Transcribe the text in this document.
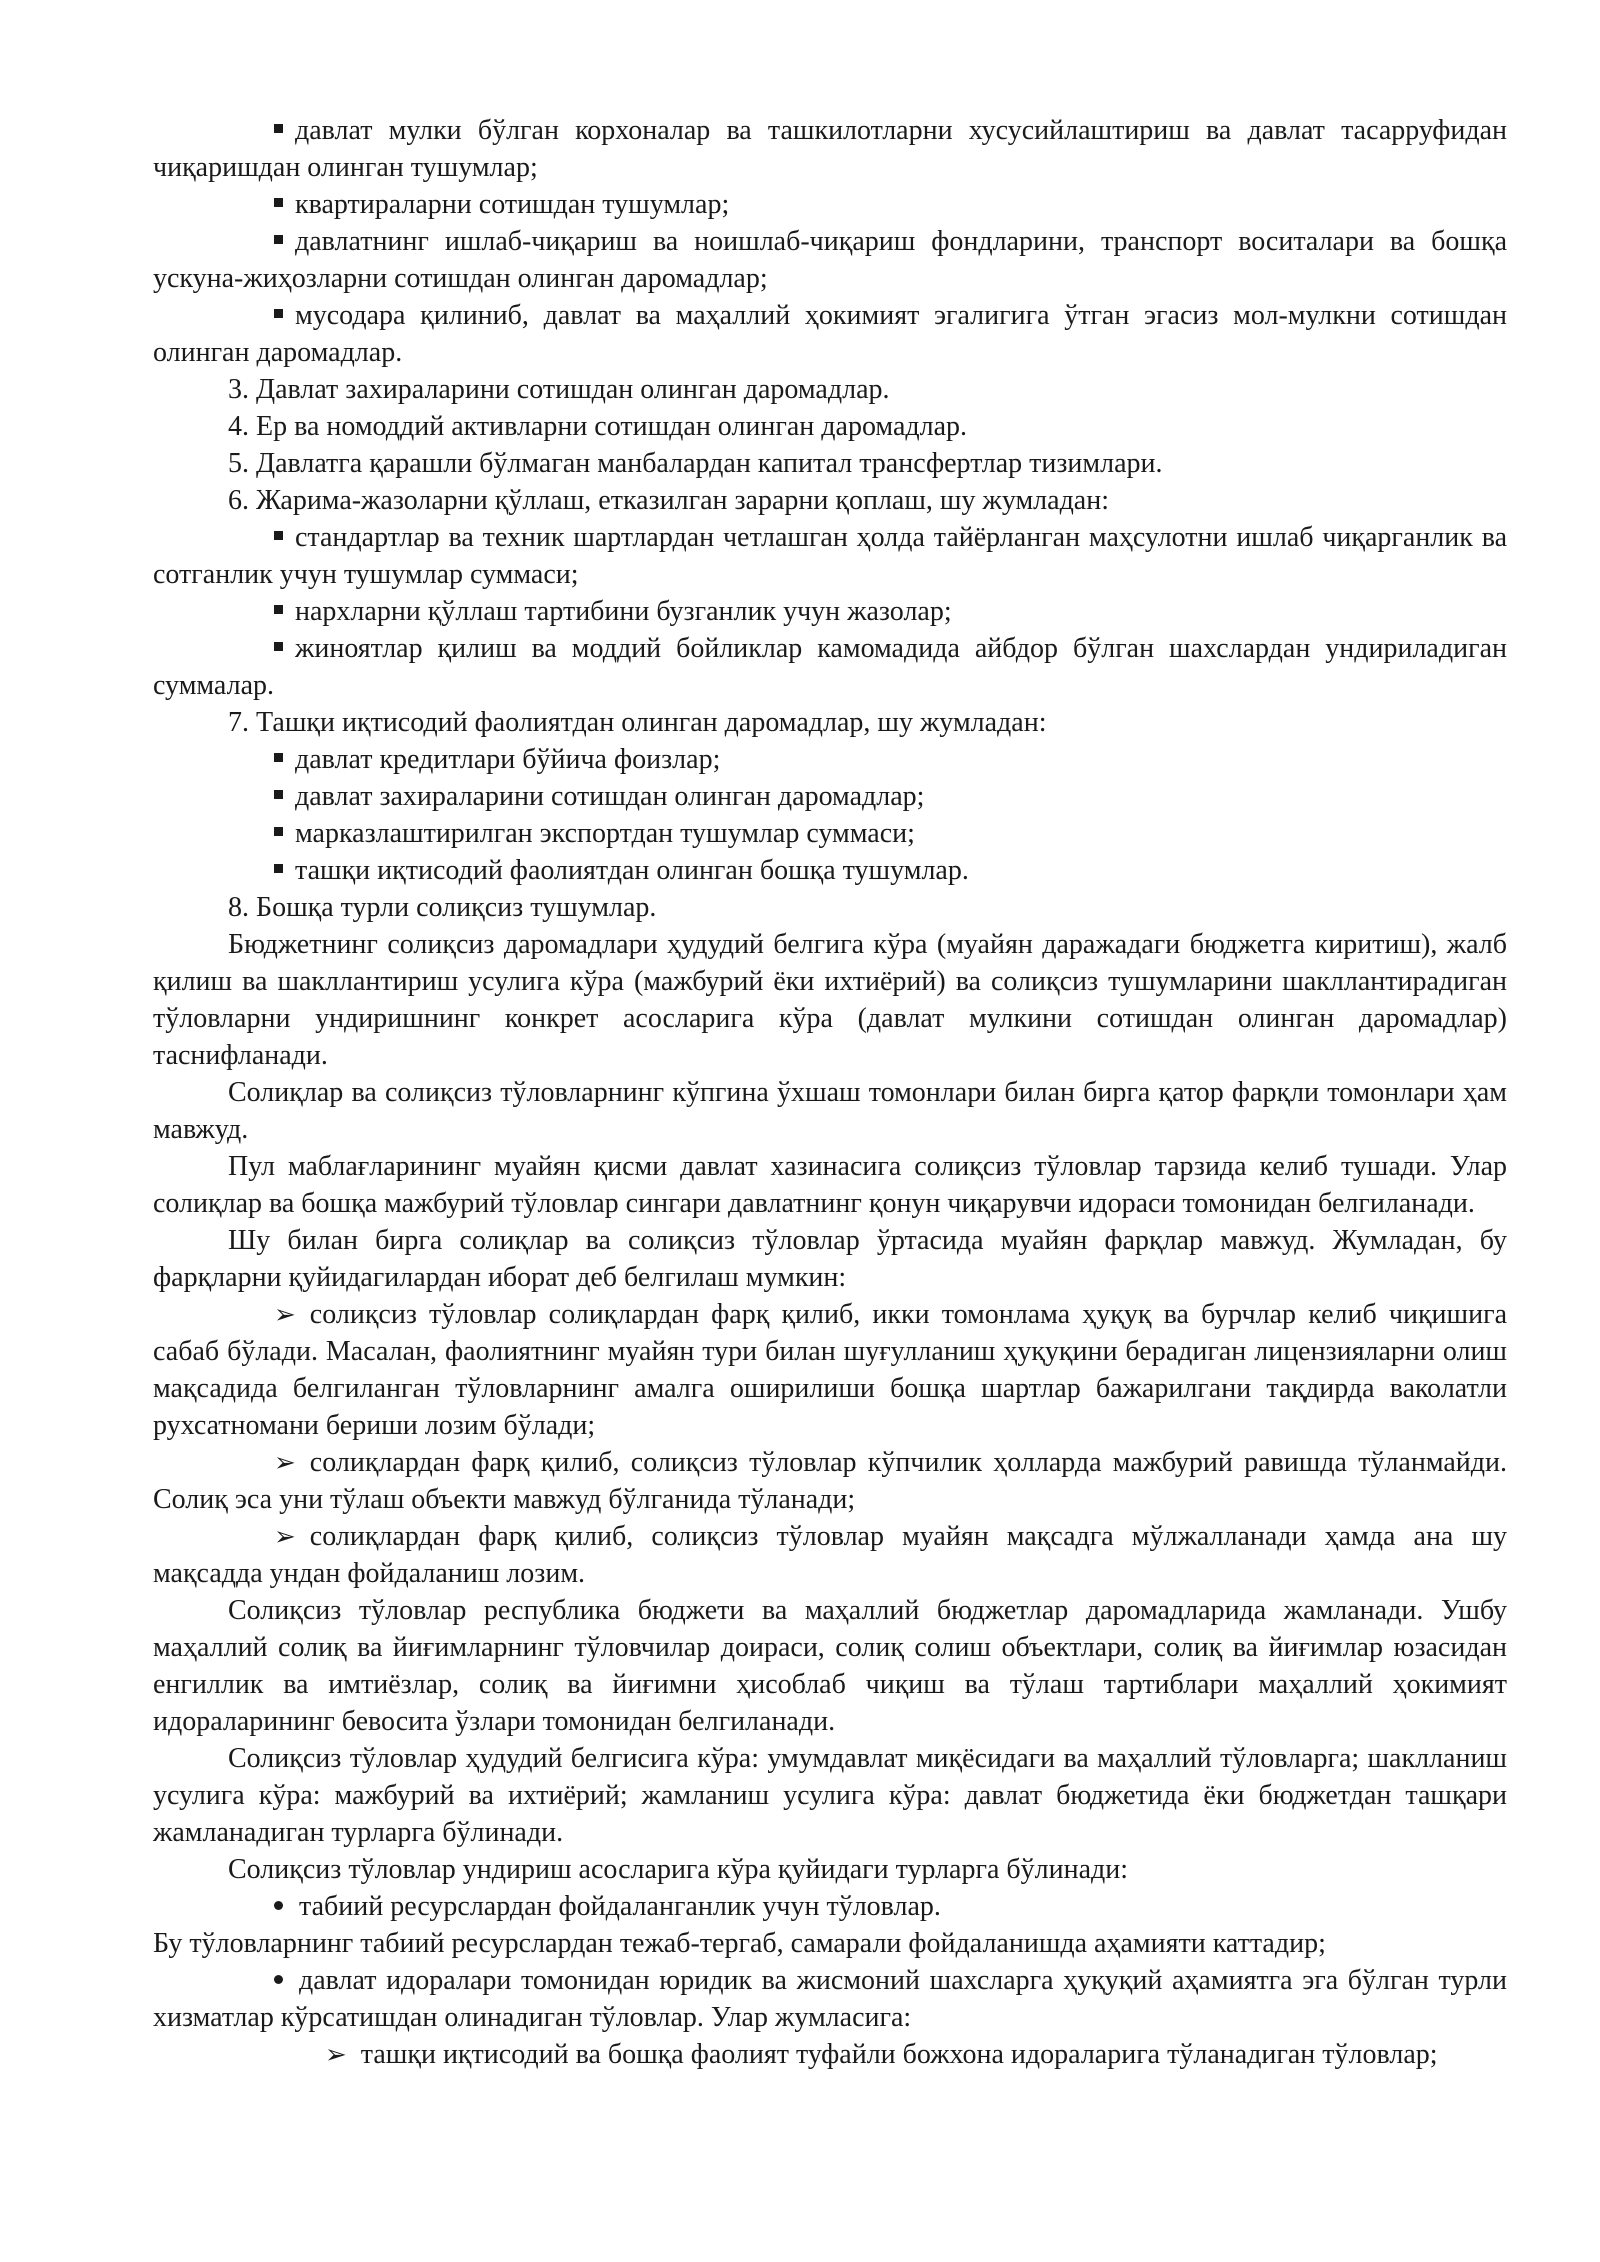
давлат мулки бўлган корхоналар ва ташкилотларни хусусийлаштириш ва давлат тасарруфидан чиқаришдан олинган тушумлар;

квартираларни сотишдан тушумлар;

давлатнинг ишлаб-чиқариш ва ноишлаб-чиқариш фондларини, транспорт воситалари ва бошқа ускуна-жиҳозларни сотишдан олинган даромадлар;

мусодара қилиниб, давлат ва маҳаллий ҳокимият эгалигига ўтган эгасиз мол-мулкни сотишдан олинган даромадлар.

3. Давлат захираларини сотишдан олинган даромадлар.

4. Ер ва номоддий активларни сотишдан олинган даромадлар.

5. Давлатга қарашли бўлмаган манбалардан капитал трансфертлар тизимлари.

6. Жарима-жазоларни қўллаш, етказилган зарарни қоплаш, шу жумладан:

стандартлар ва техник шартлардан четлашган ҳолда тайёрланган маҳсулотни ишлаб чиқарганлик ва сотганлик учун тушумлар суммаси;

нархларни қўллаш тартибини бузганлик учун жазолар;

жиноятлар қилиш ва моддий бойликлар камомадида айбдор бўлган шахслардан ундириладиган суммалар.

7. Ташқи иқтисодий фаолиятдан олинган даромадлар, шу жумладан:

давлат кредитлари бўйича фоизлар;

давлат захираларини сотишдан олинган даромадлар;

марказлаштирилган экспортдан тушумлар суммаси;

ташқи иқтисодий фаолиятдан олинган бошқа тушумлар.

8. Бошқа турли солиқсиз тушумлар.

Бюджетнинг солиқсиз даромадлари ҳудудий белгига кўра (муайян даражадаги бюджетга киритиш), жалб қилиш ва шакллантириш усулига кўра (мажбурий ёки ихтиёрий) ва солиқсиз тушумларини шакллантирадиган тўловларни ундиришнинг конкрет асосларига кўра (давлат мулкини сотишдан олинган даромадлар) таснифланади.

Солиқлар ва солиқсиз тўловларнинг кўпгина ўхшаш томонлари билан бирга қатор фарқли томонлари ҳам мавжуд.

Пул маблағларининг муайян қисми давлат хазинасига солиқсиз тўловлар тарзида келиб тушади. Улар солиқлар ва бошқа мажбурий тўловлар сингари давлатнинг қонун чиқарувчи идораси томонидан белгиланади.

Шу билан бирга солиқлар ва солиқсиз тўловлар ўртасида муайян фарқлар мавжуд. Жумладан, бу фарқларни қуйидагилардан иборат деб белгилаш мумкин:

➢ солиқсиз тўловлар солиқлардан фарқ қилиб, икки томонлама ҳуқуқ ва бурчлар келиб чиқишига сабаб бўлади. Масалан, фаолиятнинг муайян тури билан шуғулланиш ҳуқуқини берадиган лицензияларни олиш мақсадида белгиланган тўловларнинг амалга оширилиши бошқа шартлар бажарилгани тақдирда ваколатли рухсатномани бериши лозим бўлади;

➢ солиқлардан фарқ қилиб, солиқсиз тўловлар кўпчилик ҳолларда мажбурий равишда тўланмайди. Солиқ эса уни тўлаш объекти мавжуд бўлганида тўланади;

➢ солиқлардан фарқ қилиб, солиқсиз тўловлар муайян мақсадга мўлжалланади ҳамда ана шу мақсадда ундан фойдаланиш лозим.

Солиқсиз тўловлар республика бюджети ва маҳаллий бюджетлар даромадларида жамланади. Ушбу маҳаллий солиқ ва йиғимларнинг тўловчилар доираси, солиқ солиш объектлари, солиқ ва йиғимлар юзасидан енгиллик ва имтиёзлар, солиқ ва йиғимни ҳисоблаб чиқиш ва тўлаш тартиблари маҳаллий ҳокимият идораларининг бевосита ўзлари томонидан белгиланади.

Солиқсиз тўловлар ҳудудий белгисига кўра: умумдавлат миқёсидаги ва маҳаллий тўловларга; шаклланиш усулига кўра: мажбурий ва ихтиёрий; жамланиш усулига кўра: давлат бюджетида ёки бюджетдан ташқари жамланадиган турларга бўлинади.

Солиқсиз тўловлар ундириш асосларига кўра қуйидаги турларга бўлинади:

табиий ресурслардан фойдаланганлик учун тўловлар.

Бу тўловларнинг табиий ресурслардан тежаб-тергаб, самарали фойдаланишда аҳамияти каттадир;

давлат идоралари томонидан юридик ва жисмоний шахсларга ҳуқуқий аҳамиятга эга бўлган турли хизматлар кўрсатишдан олинадиган тўловлар. Улар жумласига:

➢ ташқи иқтисодий ва бошқа фаолият туфайли божхона идораларига тўланадиган тўловлар;
